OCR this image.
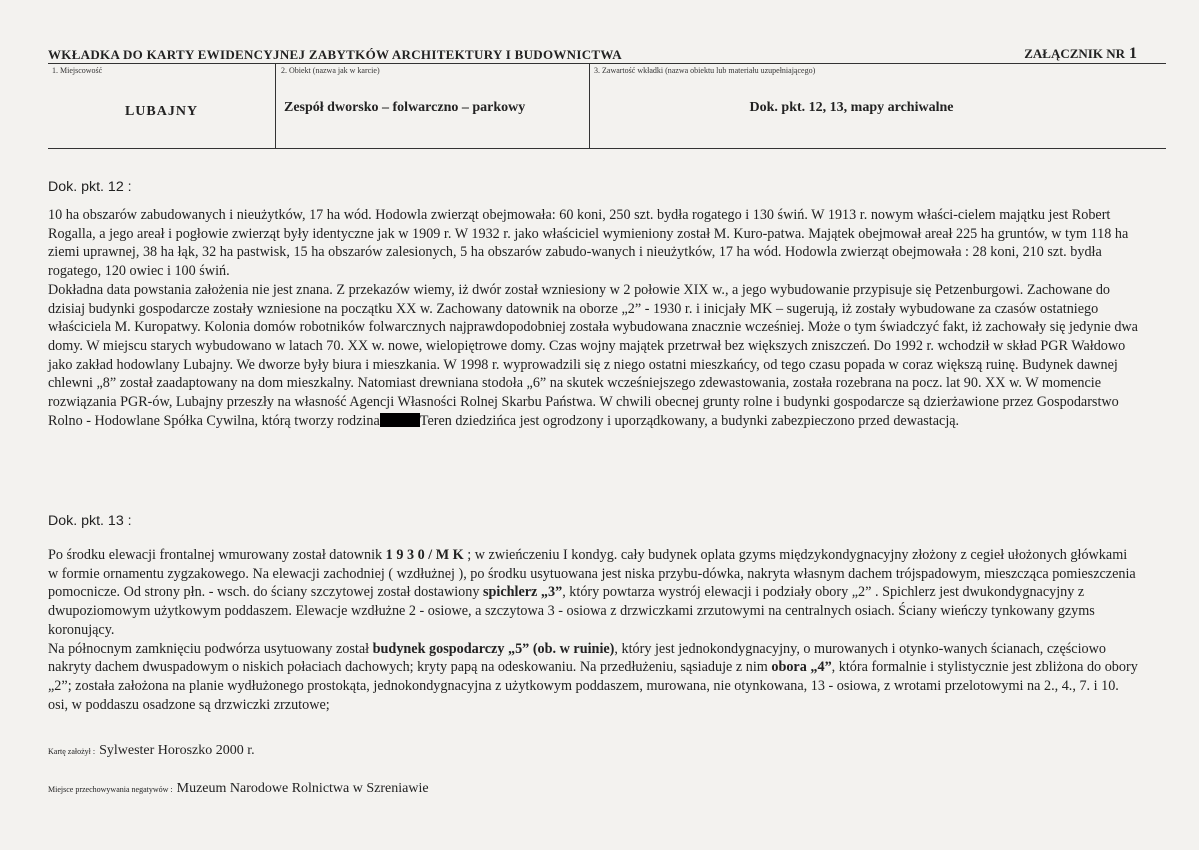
WKŁADKA DO KARTY EWIDENCYJNEJ ZABYTKÓW ARCHITEKTURY I BUDOWNICTWA	ZAŁĄCZNIK NR 1
1. Miejscowość	2. Obiekt (nazwa jak w karcie)	3. Zawartość wkładki (nazwa obiektu lub materiału uzupełniającego)
LUBAJNY	Zespół dworsko – folwarczno – parkowy	Dok. pkt. 12, 13, mapy archiwalne
Dok. pkt. 12 :

10 ha obszarów zabudowanych i nieużytków, 17 ha wód. Hodowla zwierząt obejmowała: 60 koni, 250 szt. bydła rogatego i 130 świń. W 1913 r. nowym właści-cielem majątku jest Robert Rogalla, a jego areał i pogłowie zwierząt były identyczne jak w 1909 r. W 1932 r. jako właściciel wymieniony został M. Kuro-patwa. Majątek obejmował areał 225 ha gruntów, w tym 118 ha ziemi uprawnej, 38 ha łąk, 32 ha pastwisk, 15 ha obszarów zalesionych, 5 ha obszarów zabudo-wanych i nieużytków, 17 ha wód. Hodowla zwierząt obejmowała : 28 koni, 210 szt. bydła rogatego, 120 owiec i 100 świń.

Dokładna data powstania założenia nie jest znana. Z przekazów wiemy, iż dwór został wzniesiony w 2 połowie XIX w., a jego wybudowanie przypisuje się Petzenburgowi. Zachowane do dzisiaj budynki gospodarcze zostały wzniesione na początku XX w. Zachowany datownik na oborze „2” - 1930 r. i inicjały MK – sugerują, iż zostały wybudowane za czasów ostatniego właściciela M. Kuropatwy. Kolonia domów robotników folwarcznych najprawdopodobniej została wybudowana znacznie wcześniej. Może o tym świadczyć fakt, iż zachowały się jedynie dwa domy. W miejscu starych wybudowano w latach 70. XX w. nowe, wielopiętrowe domy. Czas wojny majątek przetrwał bez większych zniszczeń. Do 1992 r. wchodził w skład PGR Wałdowo jako zakład hodowlany Lubajny. We dworze były biura i mieszkania. W 1998 r. wyprowadzili się z niego ostatni mieszkańcy, od tego czasu popada w coraz większą ruinę. Budynek dawnej chlewni „8” został zaadaptowany na dom mieszkalny. Natomiast drewniana stodoła „6” na skutek wcześniejszego zdewastowania, została rozebrana na pocz. lat 90. XX w. W momencie rozwiązania PGR-ów, Lubajny przeszły na własność Agencji Własności Rolnej Skarbu Państwa. W chwili obecnej grunty rolne i budynki gospodarcze są dzierżawione przez Gospodarstwo Rolno - Hodowlane Spółka Cywilna, którą tworzy rodzina	Teren dziedzińca jest ogrodzony i uporządkowany, a budynki zabezpieczono przed dewastacją.

Dok. pkt. 13 :

Po środku elewacji frontalnej wmurowany został datownik 1 9 3 0 / M K ; w zwieńczeniu I kondyg. cały budynek oplata gzyms międzykondygnacyjny złożony z cegieł ułożonych główkami w formie ornamentu zygzakowego. Na elewacji zachodniej ( wzdłużnej ), po środku usytuowana jest niska przybu-dówka, nakryta własnym dachem trójspadowym, mieszcząca pomieszczenia pomocnicze. Od strony płn. - wsch. do ściany szczytowej został dostawiony spichlerz „3”, który powtarza wystrój elewacji i podziały obory „2” . Spichlerz jest dwukondygnacyjny z dwupoziomowym użytkowym poddaszem. Elewacje wzdłużne 2 - osiowe, a szczytowa 3 - osiowa z drzwiczkami zrzutowymi na centralnych osiach. Ściany wieńczy tynkowany gzyms koronujący.

Na północnym zamknięciu podwórza usytuowany został budynek gospodarczy „5” (ob. w ruinie), który jest jednokondygnacyjny, o murowanych i otynko-wanych ścianach, częściowo nakryty dachem dwuspadowym o niskich połaciach dachowych; kryty papą na odeskowaniu. Na przedłużeniu, sąsiaduje z nim obora „4”, która formalnie i stylistycznie jest zbliżona do obory „2”; została założona na planie wydłużonego prostokąta, jednokondygnacyjna z użytkowym poddaszem, murowana, nie otynkowana, 13 - osiowa, z wrotami przelotowymi na 2., 4., 7. i 10. osi, w poddaszu osadzone są drzwiczki zrzutowe;

Kartę założył : Sylwester Horoszko 2000 r.
Miejsce przechowywania negatywów : Muzeum Narodowe Rolnictwa w Szreniawie
